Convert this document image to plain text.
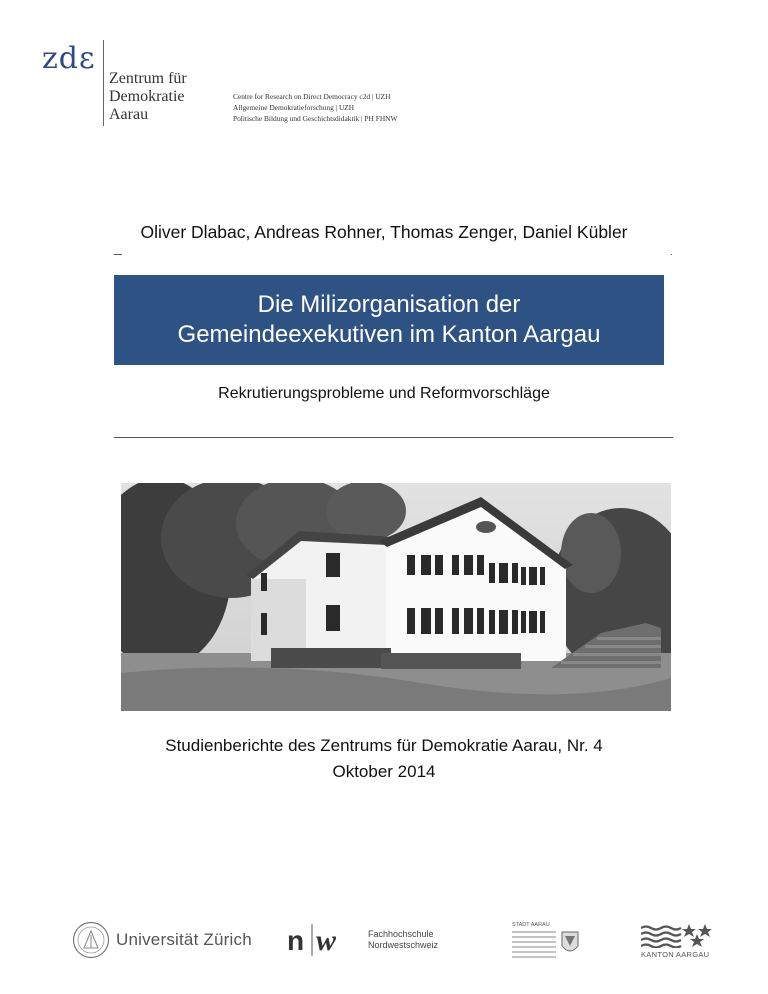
zdɛ
Zentrum für
Demokratie
Aarau
Centre for Research on Direct Democracy c2d | UZH
Allgemeine Demokratieforschung | UZH
Politische Bildung und Geschichtsdidaktik | PH FHNW
Oliver Dlabac, Andreas Rohner, Thomas Zenger, Daniel Kübler
Die Milizorganisation der
Gemeindeexekutiven im Kanton Aargau
Rekrutierungsprobleme und Reformvorschläge
Studienberichte des Zentrums für Demokratie Aarau, Nr. 4
Oktober 2014
Universität Zürich n w	Fachhochschule
Nordwestschweiz
STADT AARAU
KANTON AARGAU
